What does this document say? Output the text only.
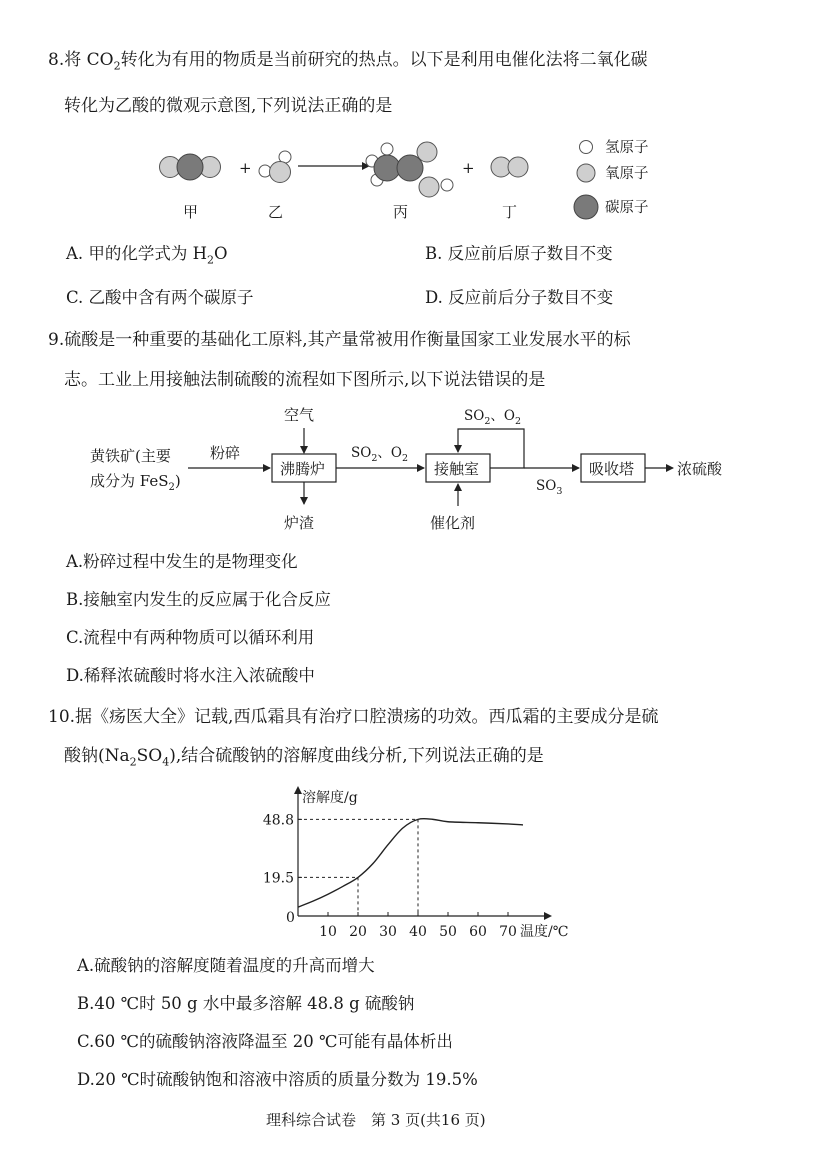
8.将 $CO_2$转化为有用的物质是当前研究的热点。以下是利用电催化法将二氧化碳
转化为乙酸的微观示意图,下列说法正确的是
+	+
甲	乙	丙	丁
氢原子
氧原子
碳原子
A. 甲的化学式为 $H_2O$	B. 反应前后原子数目不变
C. 乙酸中含有两个碳原子	D. 反应前后分子数目不变
9.硫酸是一种重要的基础化工原料,其产量常被用作衡量国家工业发展水平的标
志。工业上用接触法制硫酸的流程如下图所示,以下说法错误的是
黄铁矿(主要
成分为 FeS$_2$)
粉碎
沸腾炉
空气
炉渣
$SO_2$、$O_2$
接触室
催化剂
$SO_2$、$O_2$
$SO_3$
吸收塔	浓硫酸
A.粉碎过程中发生的是物理变化
B.接触室内发生的反应属于化合反应
C.流程中有两种物质可以循环利用
D.稀释浓硫酸时将水注入浓硫酸中
10.据《疡医大全》记载,西瓜霜具有治疗口腔溃疡的功效。西瓜霜的主要成分是硫
酸钠$(Na_2SO_4)$,结合硫酸钠的溶解度曲线分析,下列说法正确的是
溶解度/g
温度/℃
0
10 20 30 40 50 60 70
19.5
48.8
A.硫酸钠的溶解度随着温度的升高而增大
B.40 ℃时 50 g 水中最多溶解 48.8 g 硫酸钠
C.60 ℃的硫酸钠溶液降温至 20 ℃可能有晶体析出
D.20 ℃时硫酸钠饱和溶液中溶质的质量分数为 19.5%
理科综合试卷　第 3 页(共16 页)
